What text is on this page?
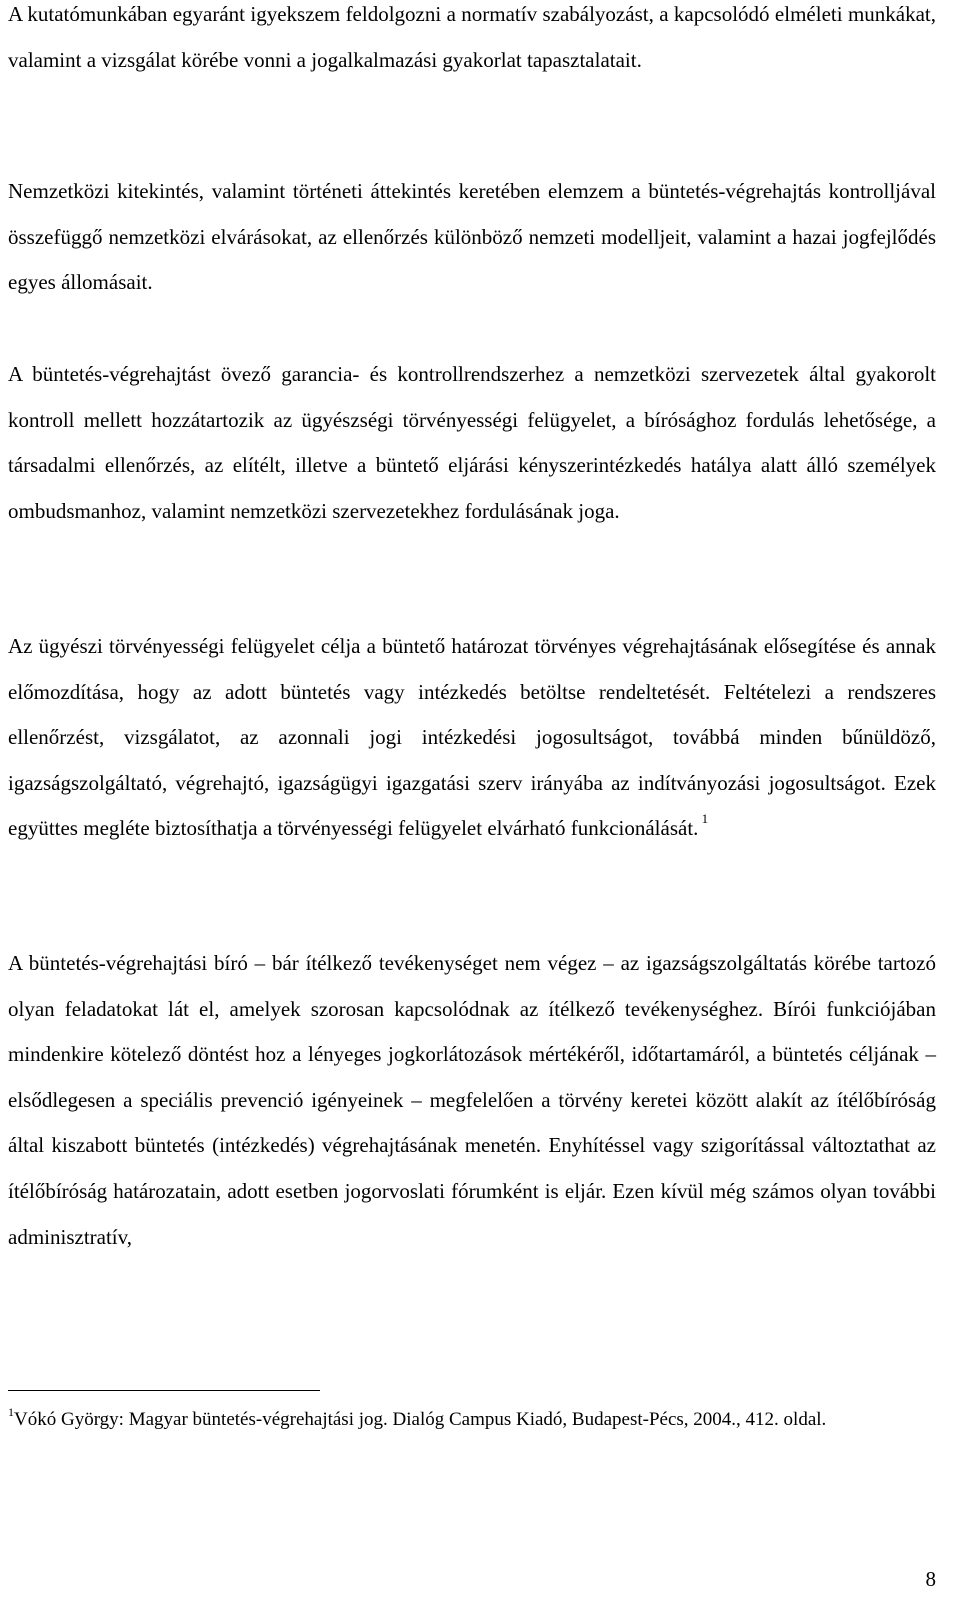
A kutatómunkában egyaránt igyekszem feldolgozni a normatív szabályozást, a kapcsolódó elméleti munkákat, valamint a vizsgálat körébe vonni a jogalkalmazási gyakorlat tapasztalatait.

Nemzetközi kitekintés, valamint történeti áttekintés keretében elemzem a büntetés-végrehajtás kontrolljával összefüggő nemzetközi elvárásokat, az ellenőrzés különböző nemzeti modelljeit, valamint a hazai jogfejlődés egyes állomásait.

A büntetés-végrehajtást övező garancia- és kontrollrendszerhez a nemzetközi szervezetek által gyakorolt kontroll mellett hozzátartozik az ügyészségi törvényességi felügyelet, a bírósághoz fordulás lehetősége, a társadalmi ellenőrzés, az elítélt, illetve a büntető eljárási kényszerintézkedés hatálya alatt álló személyek ombudsmanhoz, valamint nemzetközi szervezetekhez fordulásának joga.

Az ügyészi törvényességi felügyelet célja a büntető határozat törvényes végrehajtásának elősegítése és annak előmozdítása, hogy az adott büntetés vagy intézkedés betöltse rendeltetését. Feltételezi a rendszeres ellenőrzést, vizsgálatot, az azonnali jogi intézkedési jogosultságot, továbbá minden bűnüldöző, igazságszolgáltató, végrehajtó, igazságügyi igazgatási szerv irányába az indítványozási jogosultságot. Ezek együttes megléte biztosíthatja a törvényességi felügyelet elvárható funkcionálását. $^1$

A büntetés-végrehajtási bíró – bár ítélkező tevékenységet nem végez – az igazságszolgáltatás körébe tartozó olyan feladatokat lát el, amelyek szorosan kapcsolódnak az ítélkező tevékenységhez. Bírói funkciójában mindenkire kötelező döntést hoz a lényeges jogkorlátozások mértékéről, időtartamáról, a büntetés céljának – elsődlegesen a speciális prevenció igényeinek – megfelelően a törvény keretei között alakít az ítélőbíróság által kiszabott büntetés (intézkedés) végrehajtásának menetén. Enyhítéssel vagy szigorítással változtathat az ítélőbíróság határozatain, adott esetben jogorvoslati fórumként is eljár. Ezen kívül még számos olyan további adminisztratív,

$^1$Vókó György: Magyar büntetés-végrehajtási jog. Dialóg Campus Kiadó, Budapest-Pécs, 2004., 412. oldal.

8
